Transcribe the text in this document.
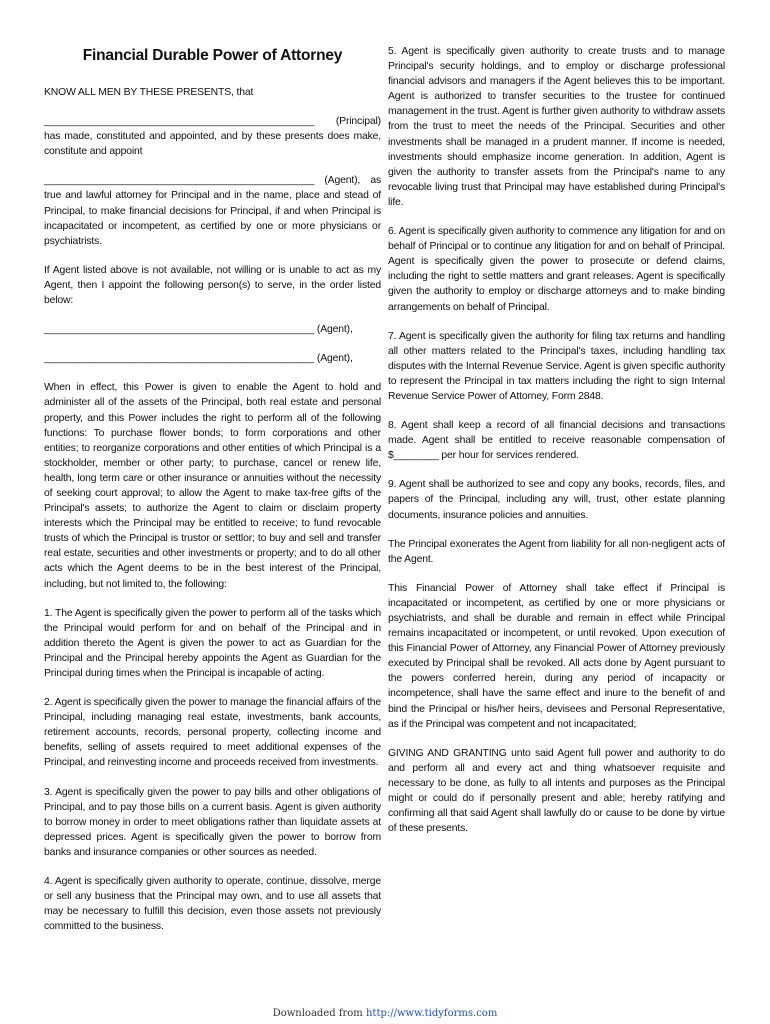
Financial Durable Power of Attorney

KNOW ALL MEN BY THESE PRESENTS, that

________________________________________________ (Principal) has made, constituted and appointed, and by these presents does make, constitute and appoint

________________________________________________ (Agent), as true and lawful attorney for Principal and in the name, place and stead of Principal, to make financial decisions for Principal, if and when Principal is incapacitated or incompetent, as certified by one or more physicians or psychiatrists.

If Agent listed above is not available, not willing or is unable to act as my Agent, then I appoint the following person(s) to serve, in the order listed below:

________________________________________________ (Agent),

________________________________________________ (Agent),

When in effect, this Power is given to enable the Agent to hold and administer all of the assets of the Principal, both real estate and personal property, and this Power includes the right to perform all of the following functions: To purchase flower bonds; to form corporations and other entities; to reorganize corporations and other entities of which Principal is a stockholder, member or other party; to purchase, cancel or renew life, health, long term care or other insurance or annuities without the necessity of seeking court approval; to allow the Agent to make tax-free gifts of the Principal's assets; to authorize the Agent to claim or disclaim property interests which the Principal may be entitled to receive; to fund revocable trusts of which the Principal is trustor or settlor; to buy and sell and transfer real estate, securities and other investments or property; and to do all other acts which the Agent deems to be in the best interest of the Principal, including, but not limited to, the following:

1. The Agent is specifically given the power to perform all of the tasks which the Principal would perform for and on behalf of the Principal and in addition thereto the Agent is given the power to act as Guardian for the Principal and the Principal hereby appoints the Agent as Guardian for the Principal during times when the Principal is incapable of acting.

2. Agent is specifically given the power to manage the financial affairs of the Principal, including managing real estate, investments, bank accounts, retirement accounts, records, personal property, collecting income and benefits, selling of assets required to meet additional expenses of the Principal, and reinvesting income and proceeds received from investments.

3. Agent is specifically given the power to pay bills and other obligations of Principal, and to pay those bills on a current basis. Agent is given authority to borrow money in order to meet obligations rather than liquidate assets at depressed prices. Agent is specifically given the power to borrow from banks and insurance companies or other sources as needed.

4. Agent is specifically given authority to operate, continue, dissolve, merge or sell any business that the Principal may own, and to use all assets that may be necessary to fulfill this decision, even those assets not previously committed to the business.

5. Agent is specifically given authority to create trusts and to manage Principal's security holdings, and to employ or discharge professional financial advisors and managers if the Agent believes this to be important. Agent is authorized to transfer securities to the trustee for continued management in the trust. Agent is further given authority to withdraw assets from the trust to meet the needs of the Principal. Securities and other investments shall be managed in a prudent manner. If income is needed, investments should emphasize income generation. In addition, Agent is given the authority to transfer assets from the Principal's name to any revocable living trust that Principal may have established during Principal's life.

6. Agent is specifically given authority to commence any litigation for and on behalf of Principal or to continue any litigation for and on behalf of Principal. Agent is specifically given the power to prosecute or defend claims, including the right to settle matters and grant releases. Agent is specifically given the authority to employ or discharge attorneys and to make binding arrangements on behalf of Principal.

7. Agent is specifically given the authority for filing tax returns and handling all other matters related to the Principal's taxes, including handling tax disputes with the Internal Revenue Service. Agent is given specific authority to represent the Principal in tax matters including the right to sign Internal Revenue Service Power of Attorney, Form 2848.

8. Agent shall keep a record of all financial decisions and transactions made. Agent shall be entitled to receive reasonable compensation of $________ per hour for services rendered.

9. Agent shall be authorized to see and copy any books, records, files, and papers of the Principal, including any will, trust, other estate planning documents, insurance policies and annuities.

The Principal exonerates the Agent from liability for all non-negligent acts of the Agent.

This Financial Power of Attorney shall take effect if Principal is incapacitated or incompetent, as certified by one or more physicians or psychiatrists, and shall be durable and remain in effect while Principal remains incapacitated or incompetent, or until revoked. Upon execution of this Financial Power of Attorney, any Financial Power of Attorney previously executed by Principal shall be revoked. All acts done by Agent pursuant to the powers conferred herein, during any period of incapacity or incompetence, shall have the same effect and inure to the benefit of and bind the Principal or his/her heirs, devisees and Personal Representative, as if the Principal was competent and not incapacitated;

GIVING AND GRANTING unto said Agent full power and authority to do and perform all and every act and thing whatsoever requisite and necessary to be done, as fully to all intents and purposes as the Principal might or could do if personally present and able; hereby ratifying and confirming all that said Agent shall lawfully do or cause to be done by virtue of these presents.

Downloaded from http://www.tidyforms.com
